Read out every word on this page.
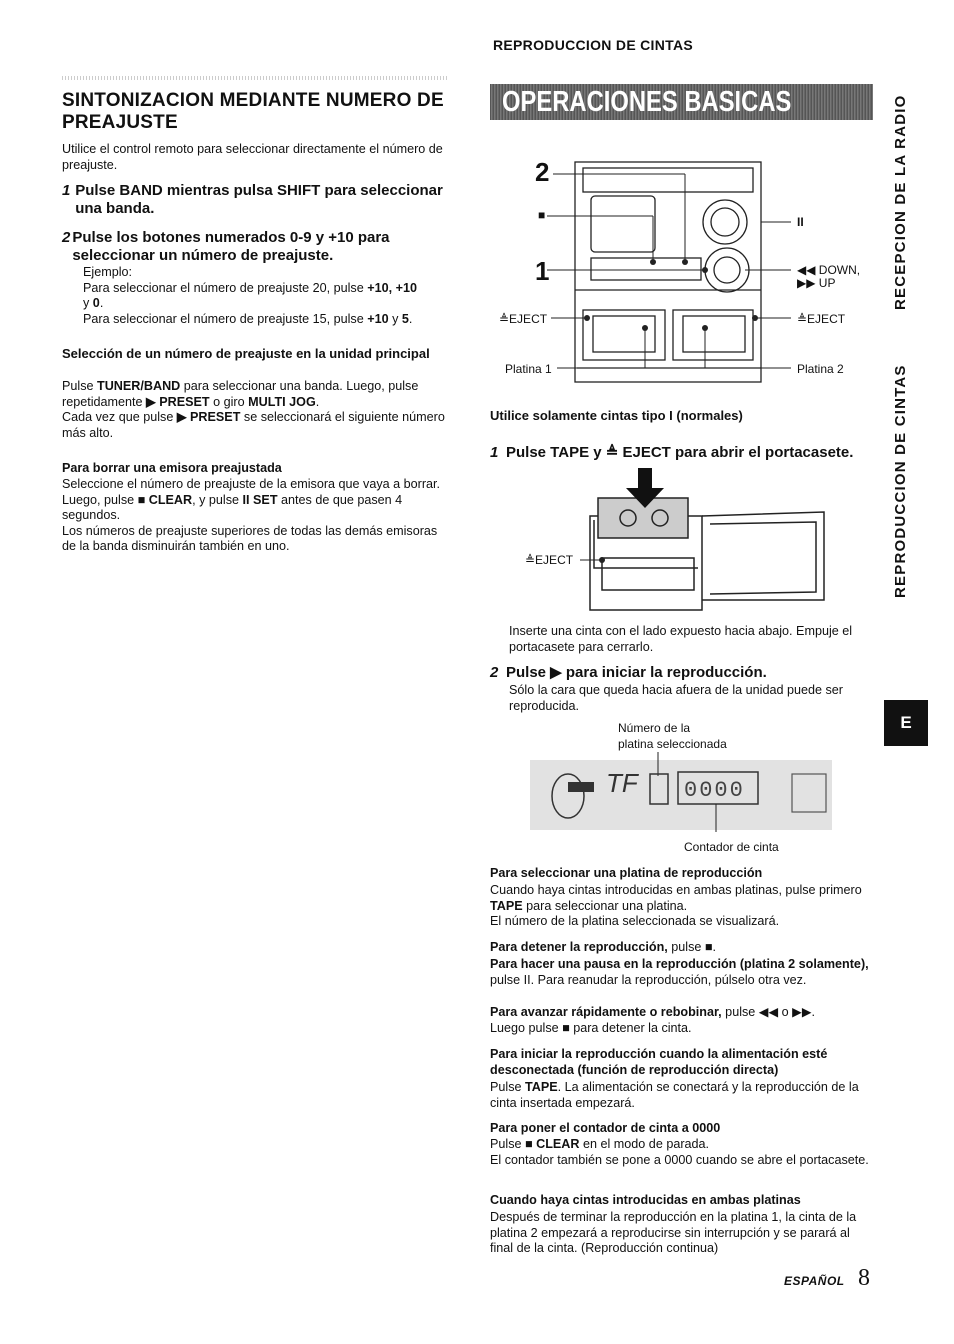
REPRODUCCION DE CINTAS
OPERACIONES BASICAS	RECEPCION DE LA RADIO
REPRODUCCION DE CINTAS
E
SINTONIZACION MEDIANTE NUMERO DE PREAJUSTE
Utilice el control remoto para seleccionar directamente el número de preajuste.
1 Pulse BAND mientras pulsa SHIFT para seleccionar una banda.
2 Pulse los botones numerados 0-9 y +10 para seleccionar un número de preajuste.

Ejemplo:

Para seleccionar el número de preajuste 20, pulse +10, +10

y 0.

Para seleccionar el número de preajuste 15, pulse +10 y 5.

Selección de un número de preajuste en la unidad principal

Pulse TUNER/BAND para seleccionar una banda. Luego, pulse repetidamente ▶ PRESET o giro MULTI JOG.

Cada vez que pulse ▶ PRESET se seleccionará el siguiente número más alto.

Para borrar una emisora preajustada

Seleccione el número de preajuste de la emisora que vaya a borrar. Luego, pulse ■ CLEAR, y pulse II SET antes de que pasen 4 segundos.

Los números de preajuste superiores de todas las demás emisoras de la banda disminuirán también en uno.

2
■
1
II
◀◀ DOWN,
▶▶ UP
≜EJECT	≜EJECT
Platina 1	Platina 2
Utilice solamente cintas tipo I (normales)
1 Pulse TAPE y ≜ EJECT para abrir el portacasete.
≜EJECT
Inserte una cinta con el lado expuesto hacia abajo. Empuje el portacasete para cerrarlo.
2 Pulse ▶ para iniciar la reproducción.
Sólo la cara que queda hacia afuera de la unidad puede ser reproducida.
Número de la
platina seleccionada
TF 0000
Contador de cinta
Para seleccionar una platina de reproducción

Cuando haya cintas introducidas en ambas platinas, pulse primero TAPE para seleccionar una platina.

El número de la platina seleccionada se visualizará.

Para detener la reproducción, pulse ■.
Para hacer una pausa en la reproducción (platina 2 solamente), pulse II. Para reanudar la reproducción, púlselo otra vez.

Para avanzar rápidamente o rebobinar, pulse ◀◀ o ▶▶.

Luego pulse ■ para detener la cinta.

Para iniciar la reproducción cuando la alimentación esté desconectada (función de reproducción directa)
Pulse TAPE. La alimentación se conectará y la reproducción de la cinta insertada empezará.
Para poner el contador de cinta a 0000

Pulse ■ CLEAR en el modo de parada.

El contador también se pone a 0000 cuando se abre el portacasete.

Cuando haya cintas introducidas en ambas platinas
Después de terminar la reproducción en la platina 1, la cinta de la platina 2 empezará a reproducirse sin interrupción y se parará al final de la cinta. (Reproducción continua)
ESPAÑOL 8
